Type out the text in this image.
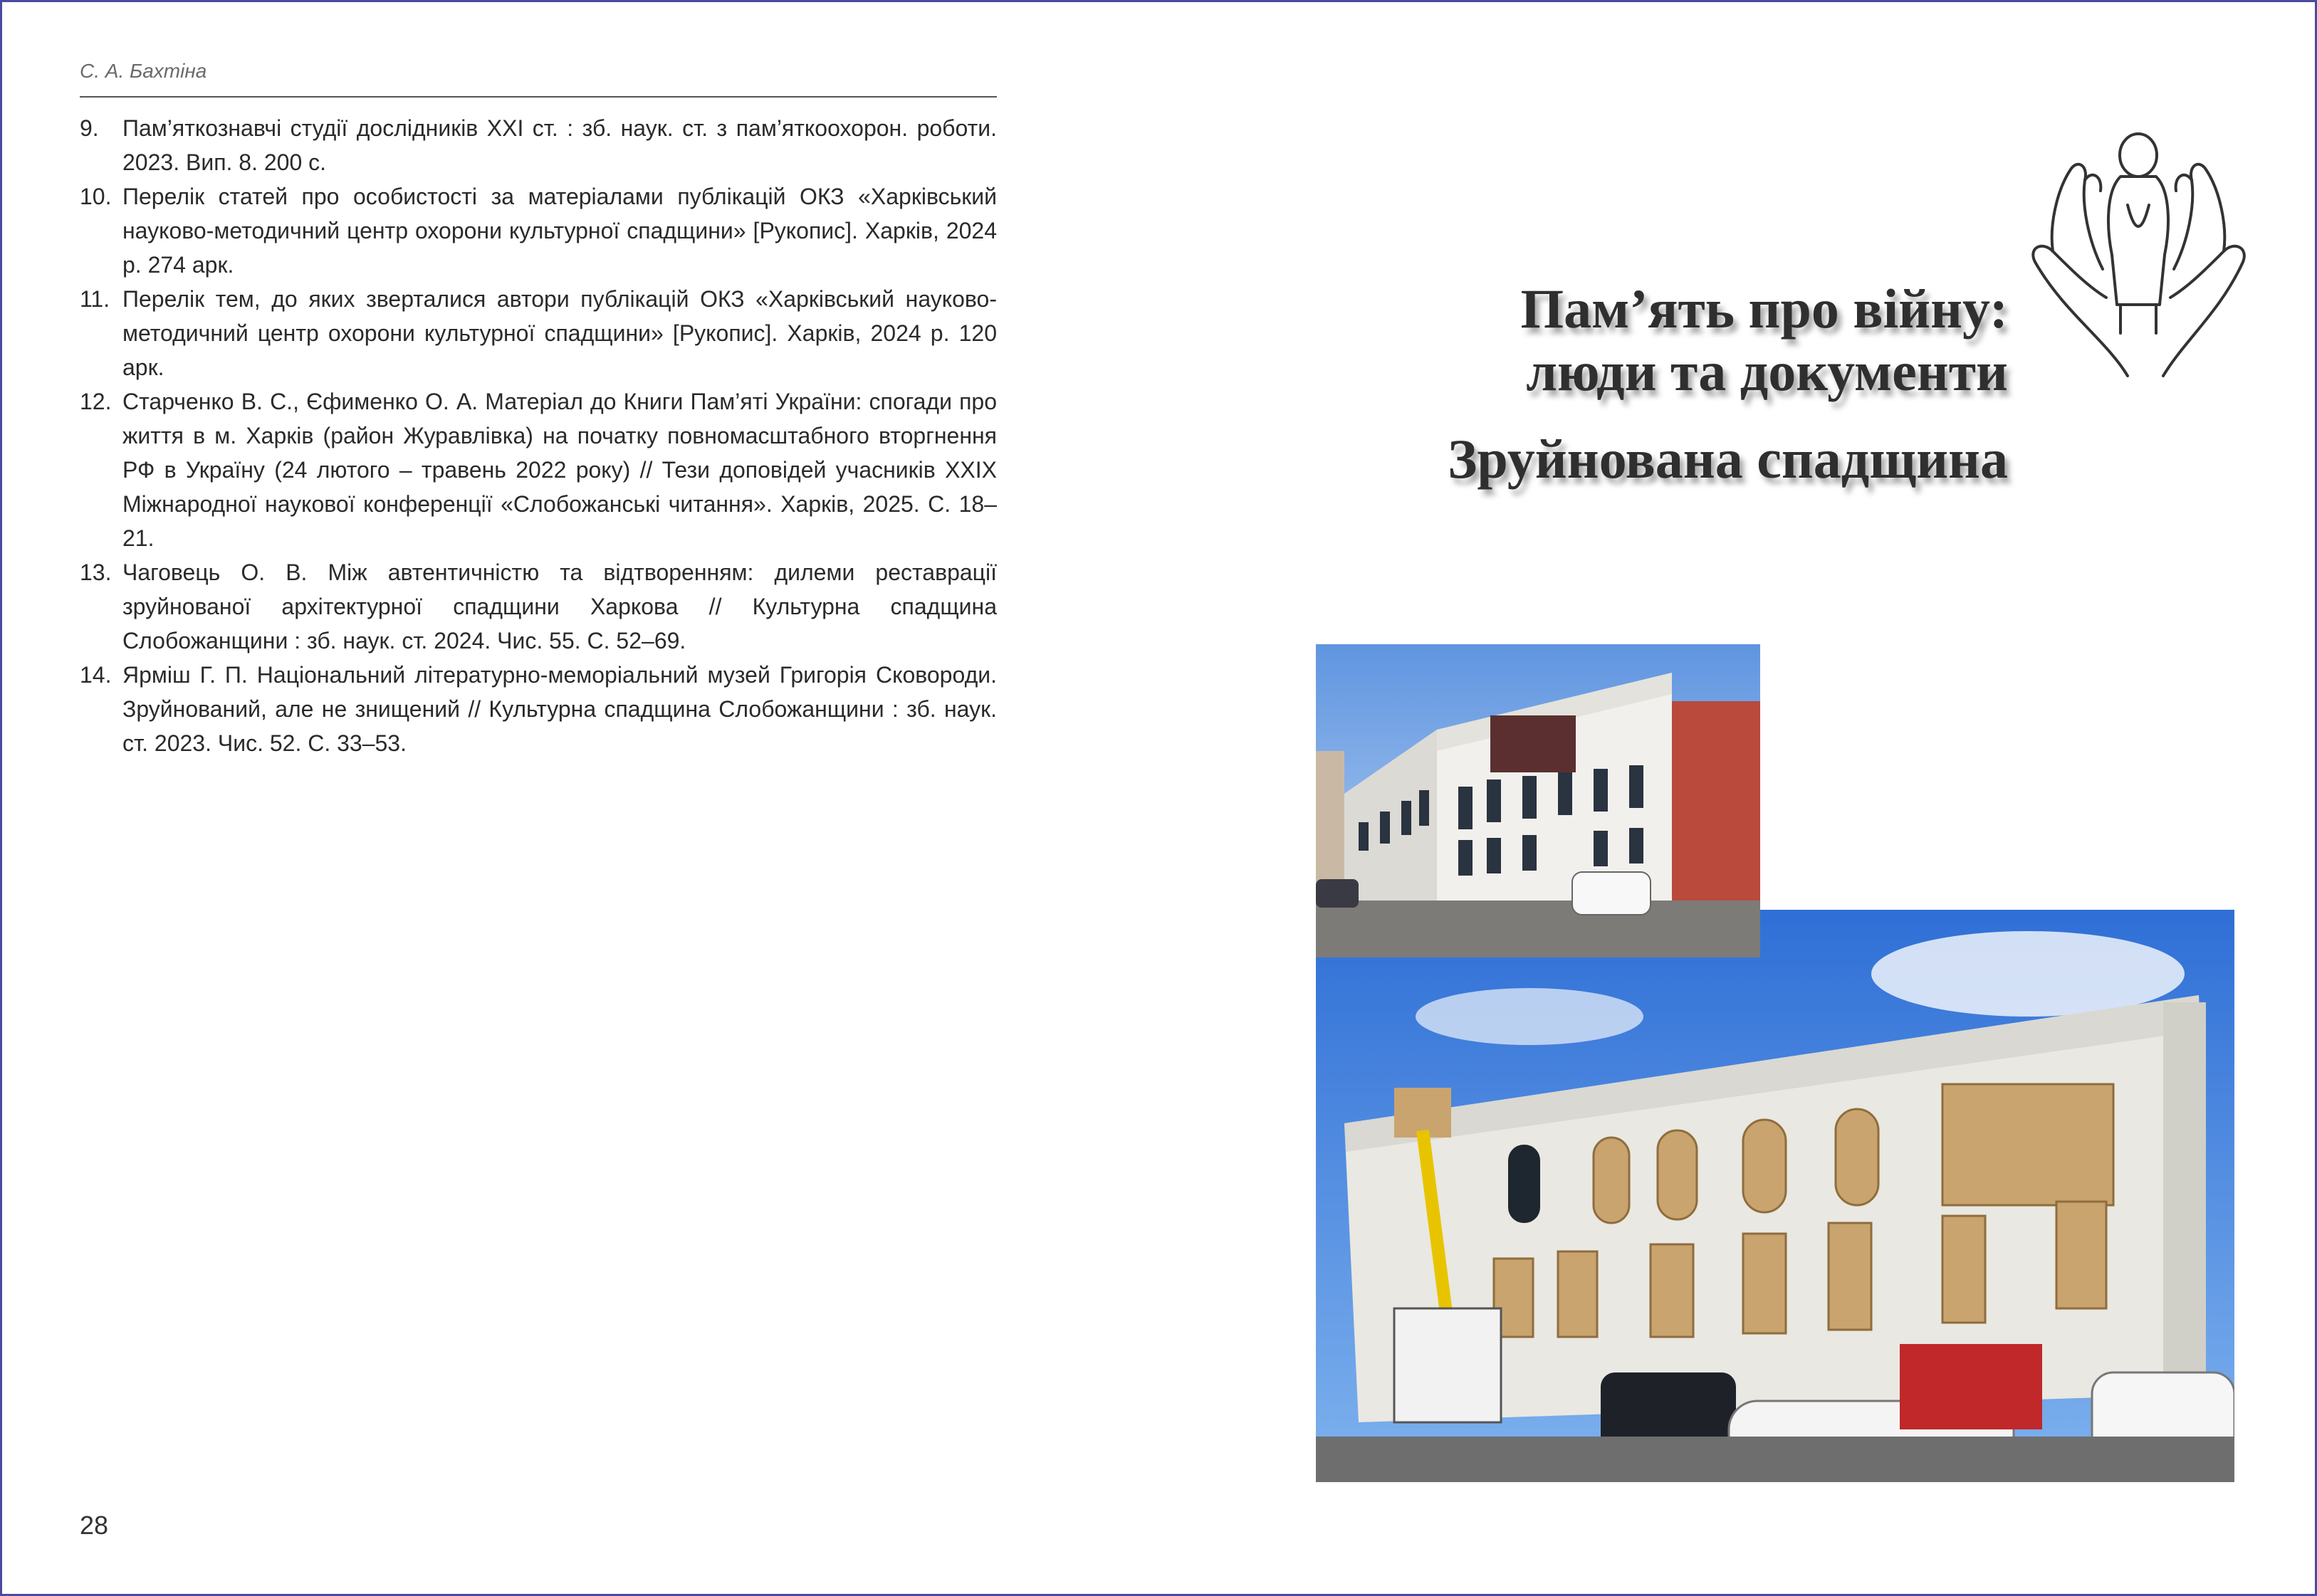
С. А. Бахтіна
9. Пам’яткознавчі студії дослідників XXI ст. : зб. наук. ст. з пам’яткоохорон. роботи. 2023. Вип. 8. 200 с.
10. Перелік статей про особистості за матеріалами публікацій ОКЗ «Харківський науково-методичний центр охорони культурної спадщини» [Рукопис]. Харків, 2024 р. 274 арк.
11. Перелік тем, до яких зверталися автори публікацій ОКЗ «Харківський науково-методичний центр охорони культурної спадщини» [Рукопис]. Харків, 2024 р. 120 арк.
12. Старченко В. С., Єфименко О. А. Матеріал до Книги Пам’яті України: спогади про життя в м. Харків (район Журавлівка) на початку повномасштабного вторгнення РФ в Україну (24 лютого – травень 2022 року) // Тези доповідей учасників XXIX Міжнародної наукової конференції «Слобожанські читання». Харків, 2025. С. 18–21.
13. Чаговець О. В. Між автентичністю та відтворенням: дилеми реставрації зруйнованої архітектурної спадщини Харкова // Культурна спадщина Слобожанщини : зб. наук. ст. 2024. Чис. 55. С. 52–69.
14. Ярміш Г. П. Національний літературно-меморіальний музей Григорія Сковороди. Зруйнований, але не знищений // Культурна спадщина Слобожанщини : зб. наук. ст. 2023. Чис. 52. С. 33–53.
28
Пам’ять про війну:
люди та документи
Зруйнована спадщина
